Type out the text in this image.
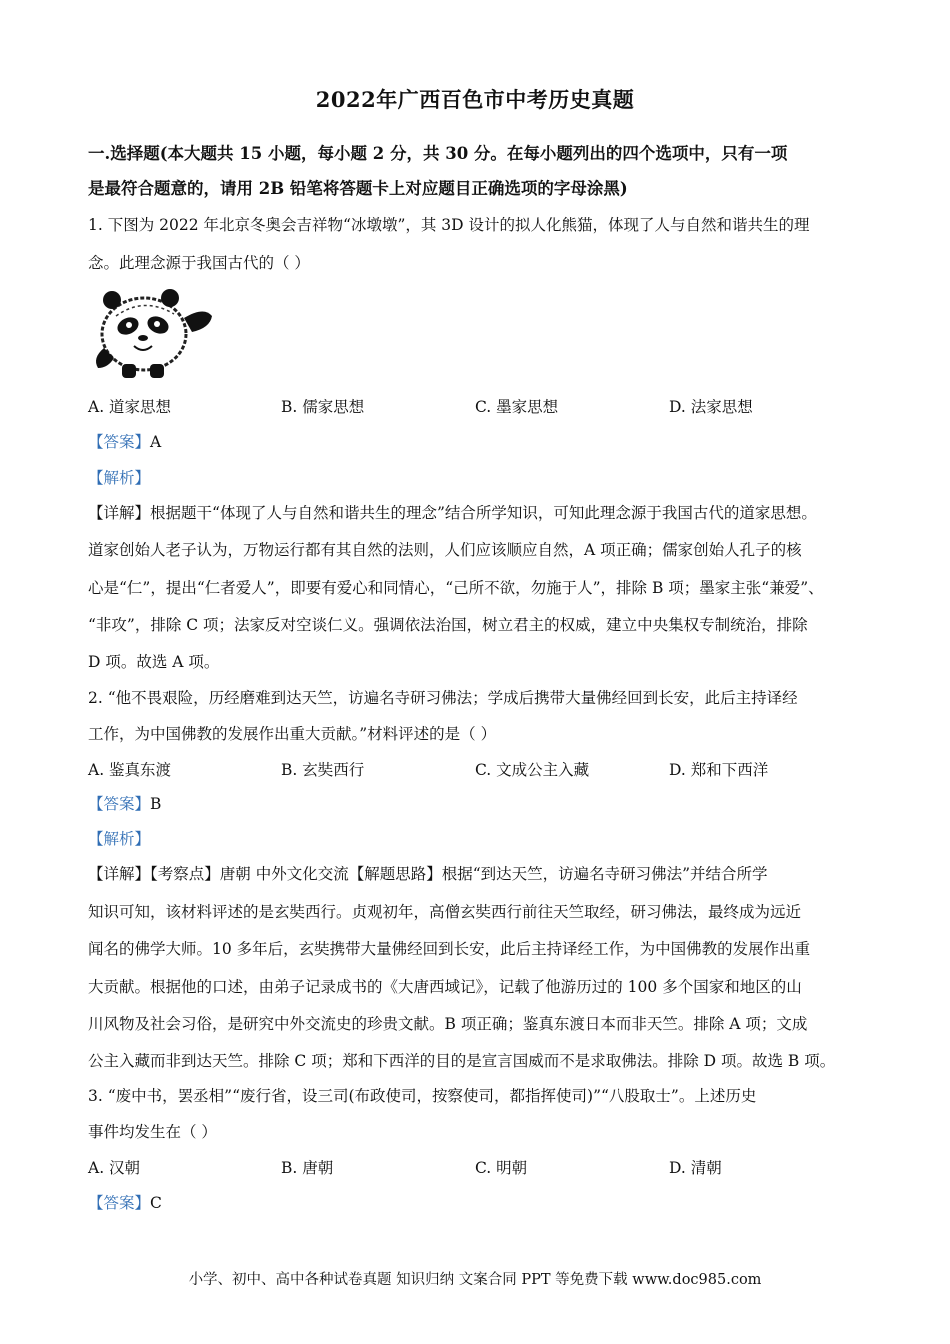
2022年广西百色市中考历史真题
一.选择题(本大题共 15 小题，每小题 2 分，共 30 分。在每小题列出的四个选项中，只有一项
是最符合题意的，请用 2B 铅笔将答题卡上对应题目正确选项的字母涂黑)
1. 下图为 2022 年北京冬奥会吉祥物“冰墩墩”，其 3D 设计的拟人化熊猫，体现了人与自然和谐共生的理
念。此理念源于我国古代的（ ）
A. 道家思想	B. 儒家思想	C. 墨家思想	D. 法家思想
【答案】A
【解析】
【详解】根据题干“体现了人与自然和谐共生的理念”结合所学知识，可知此理念源于我国古代的道家思想。
道家创始人老子认为，万物运行都有其自然的法则，人们应该顺应自然，A 项正确；儒家创始人孔子的核
心是“仁”，提出“仁者爱人”，即要有爱心和同情心，“己所不欲，勿施于人”，排除 B 项；墨家主张“兼爱”、
“非攻”，排除 C 项；法家反对空谈仁义。强调依法治国，树立君主的权威，建立中央集权专制统治，排除
D 项。故选 A 项。
2. “他不畏艰险，历经磨难到达天竺，访遍名寺研习佛法；学成后携带大量佛经回到长安，此后主持译经
工作，为中国佛教的发展作出重大贡献。”材料评述的是（ ）
A. 鉴真东渡	B. 玄奘西行	C. 文成公主入藏	D. 郑和下西洋
【答案】B
【解析】
【详解】【考察点】唐朝 中外文化交流【解题思路】根据“到达天竺，访遍名寺研习佛法”并结合所学
知识可知，该材料评述的是玄奘西行。贞观初年，高僧玄奘西行前往天竺取经，研习佛法，最终成为远近
闻名的佛学大师。10 多年后，玄奘携带大量佛经回到长安，此后主持译经工作，为中国佛教的发展作出重
大贡献。根据他的口述，由弟子记录成书的《大唐西域记》，记载了他游历过的 100 多个国家和地区的山
川风物及社会习俗，是研究中外交流史的珍贵文献。B 项正确；鉴真东渡日本而非天竺。排除 A 项；文成
公主入藏而非到达天竺。排除 C 项；郑和下西洋的目的是宣言国威而不是求取佛法。排除 D 项。故选 B 项。
3. “废中书，罢丞相”“废行省，设三司(布政使司，按察使司，都指挥使司)”“八股取士”。上述历史
事件均发生在（ ）
A. 汉朝	B. 唐朝	C. 明朝	D. 清朝
【答案】C
小学、初中、高中各种试卷真题 知识归纳 文案合同 PPT 等免费下载 www.doc985.com
